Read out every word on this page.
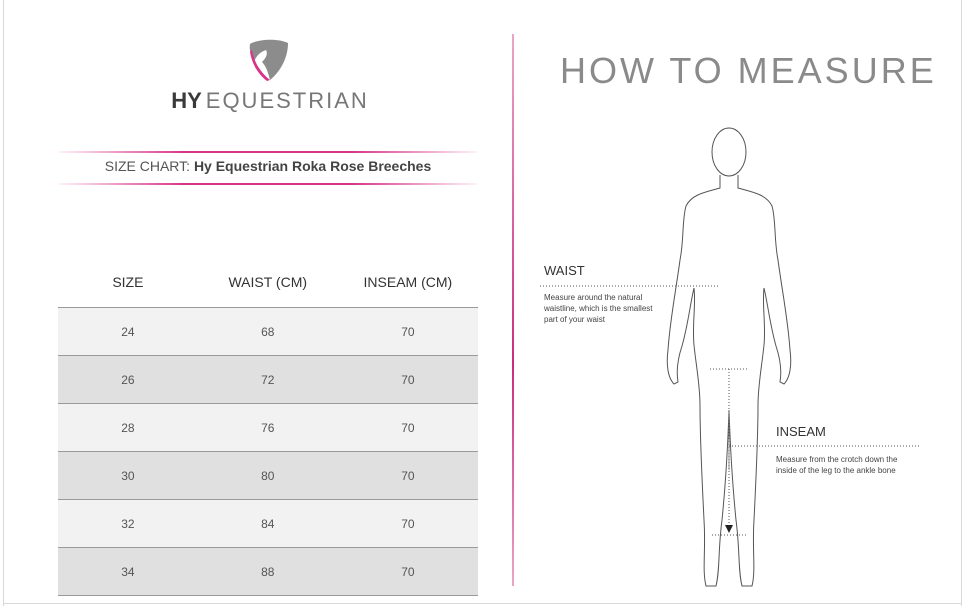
HY EQUESTRIAN
SIZE CHART: Hy Equestrian Roka Rose Breeches
SIZE	WAIST (CM)	INSEAM (CM)
24	68	70
26	72	70
28	76	70
30	80	70
32	84	70
34	88	70
HOW TO MEASURE
WAIST
Measure around the natural waistline, which is the smallest part of your waist
INSEAM
Measure from the crotch down the inside of the leg to the ankle bone
